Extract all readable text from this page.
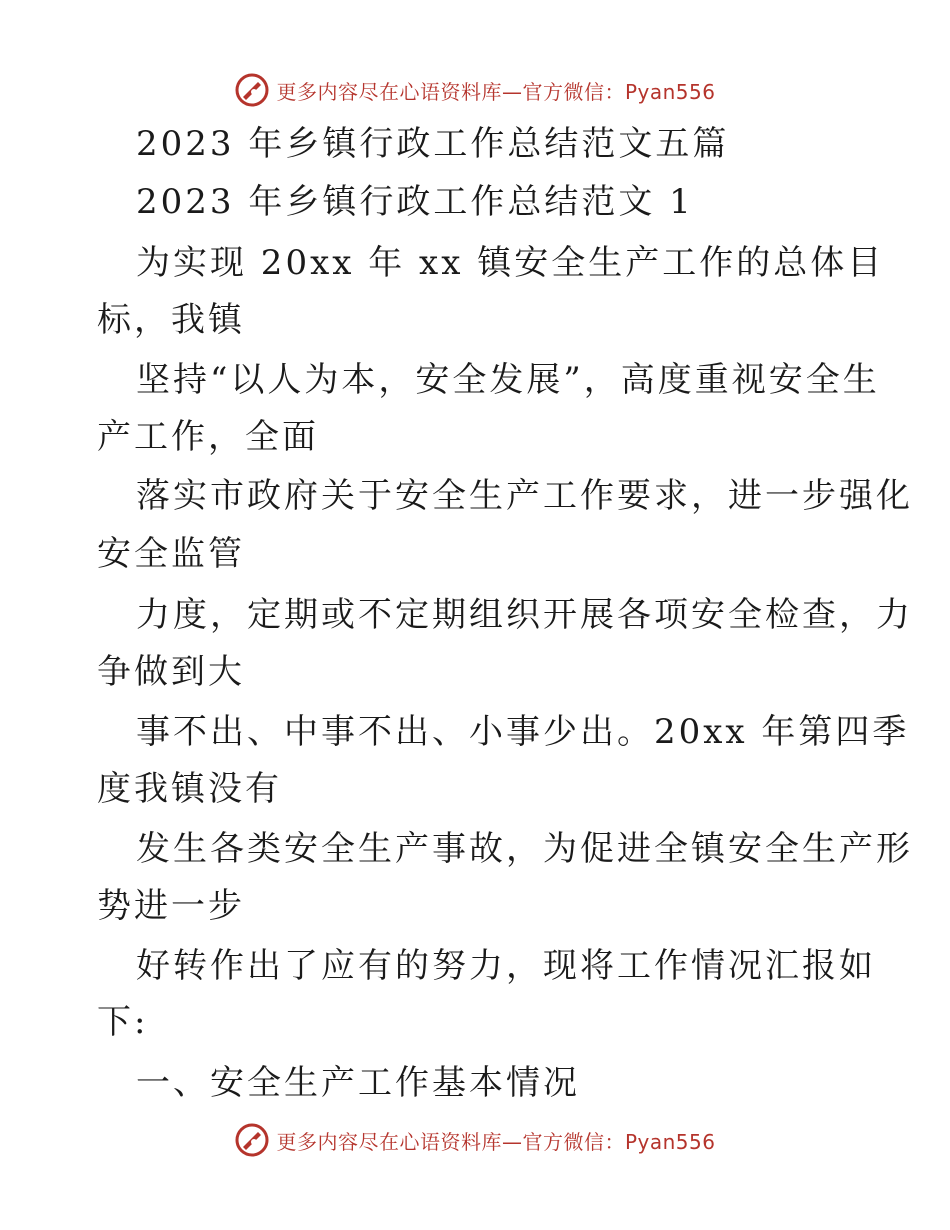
更多内容尽在心语资料库—官方微信：Pyan556
2023 年乡镇行政工作总结范文五篇
2023 年乡镇行政工作总结范文 1
为实现 20xx 年 xx 镇安全生产工作的总体目
标，我镇
坚持“以人为本，安全发展”，高度重视安全生
产工作，全面
落实市政府关于安全生产工作要求，进一步强化
安全监管
力度，定期或不定期组织开展各项安全检查，力
争做到大
事不出、中事不出、小事少出。20xx 年第四季
度我镇没有
发生各类安全生产事故，为促进全镇安全生产形
势进一步
好转作出了应有的努力，现将工作情况汇报如
下:
一、安全生产工作基本情况
更多内容尽在心语资料库—官方微信：Pyan556
